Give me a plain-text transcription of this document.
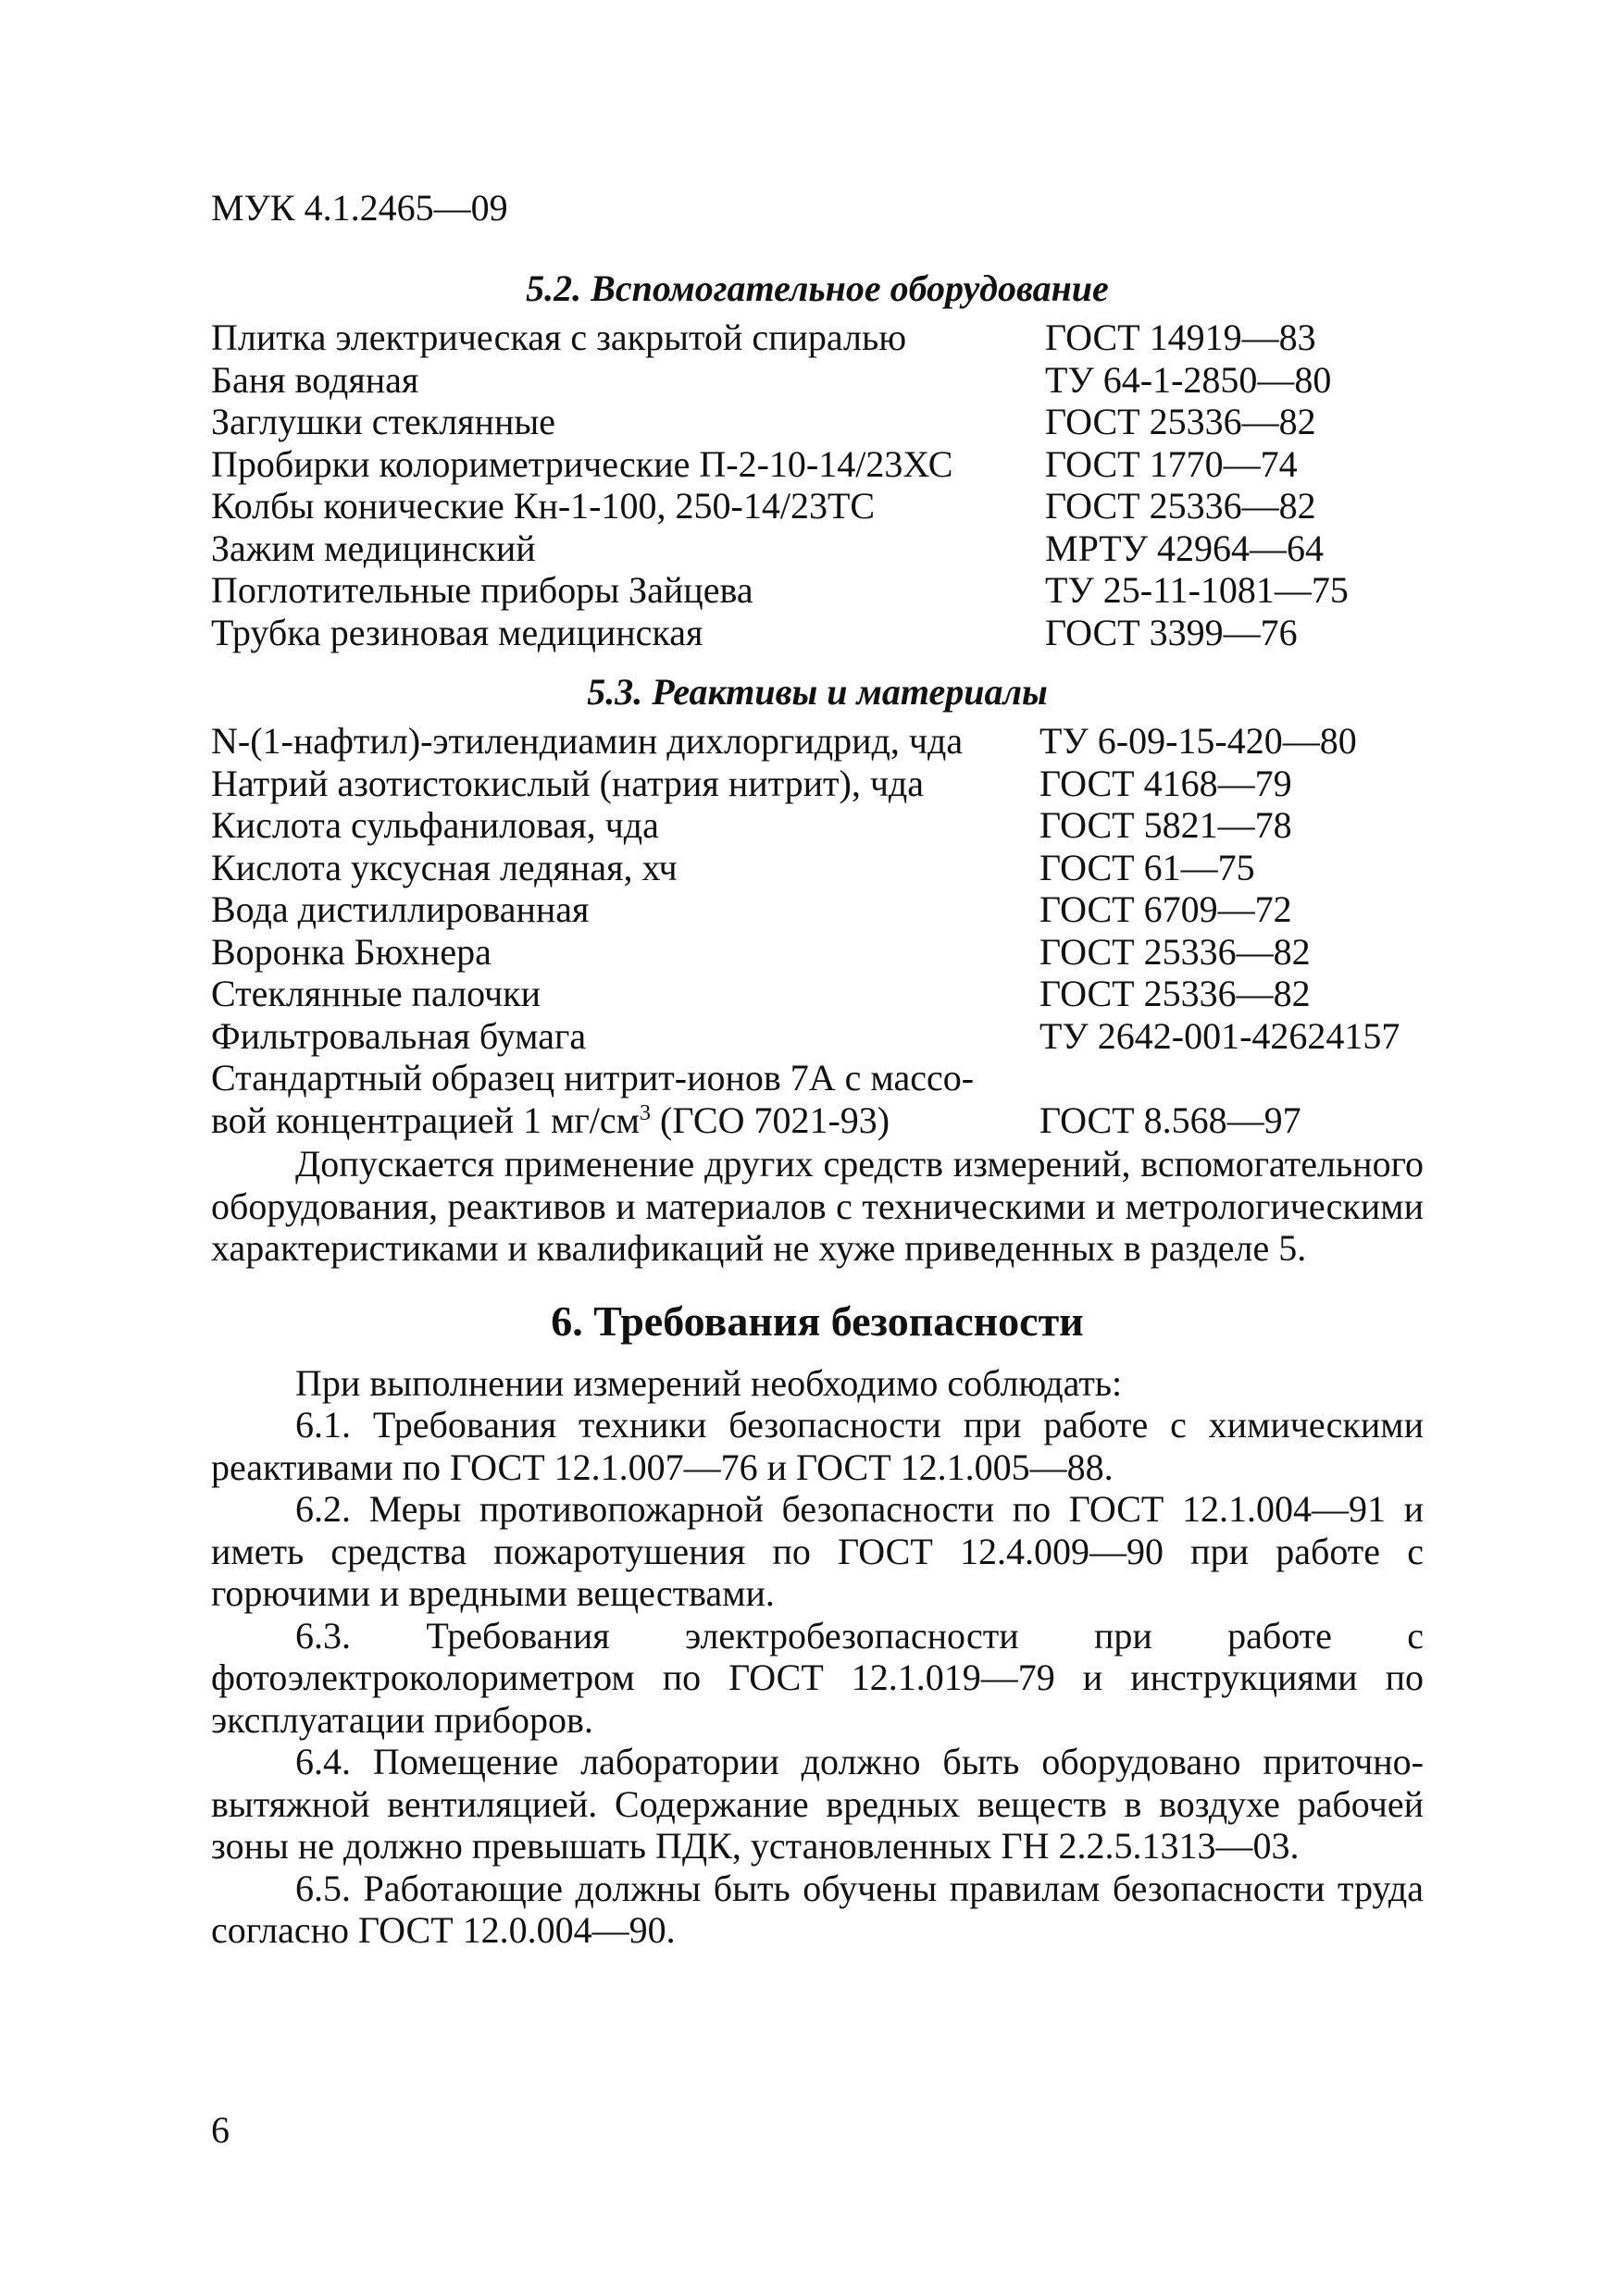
МУК 4.1.2465—09
5.2. Вспомогательное оборудование
Плитка электрическая с закрытой спиралью	ГОСТ 14919—83
Баня водяная	ТУ 64-1-2850—80
Заглушки стеклянные	ГОСТ 25336—82
Пробирки колориметрические П-2-10-14/23ХС	ГОСТ 1770—74
Колбы конические Кн-1-100, 250-14/23ТС	ГОСТ 25336—82
Зажим медицинский	МРТУ 42964—64
Поглотительные приборы Зайцева	ТУ 25-11-1081—75
Трубка резиновая медицинская	ГОСТ 3399—76
5.3. Реактивы и материалы
N-(1-нафтил)-этилендиамин дихлоргидрид, чда	ТУ 6-09-15-420—80
Натрий азотистокислый (натрия нитрит), чда	ГОСТ 4168—79
Кислота сульфаниловая, чда	ГОСТ 5821—78
Кислота уксусная ледяная, хч	ГОСТ 61—75
Вода дистиллированная	ГОСТ 6709—72
Воронка Бюхнера	ГОСТ 25336—82
Стеклянные палочки	ГОСТ 25336—82
Фильтровальная бумага	ТУ 2642-001-42624157
Стандартный образец нитрит-ионов 7А с массо-
вой концентрацией 1 $мг/см^3$ (ГСО 7021-93)	ГОСТ 8.568—97

Допускается применение других средств измерений, вспомогательного оборудования, реактивов и материалов с техническими и метрологическими характеристиками и квалификаций не хуже приведенных в разделе 5.

6. Требования безопасности

При выполнении измерений необходимо соблюдать:

6.1. Требования техники безопасности при работе с химическими реактивами по ГОСТ 12.1.007—76 и ГОСТ 12.1.005—88.

6.2. Меры противопожарной безопасности по ГОСТ 12.1.004—91 и иметь средства пожаротушения по ГОСТ 12.4.009—90 при работе с горючими и вредными веществами.

6.3. Требования электробезопасности при работе с фотоэлектроколориметром по ГОСТ 12.1.019—79 и инструкциями по эксплуатации приборов.

6.4. Помещение лаборатории должно быть оборудовано приточно-вытяжной вентиляцией. Содержание вредных веществ в воздухе рабочей зоны не должно превышать ПДК, установленных ГН 2.2.5.1313—03.

6.5. Работающие должны быть обучены правилам безопасности труда согласно ГОСТ 12.0.004—90.

6
